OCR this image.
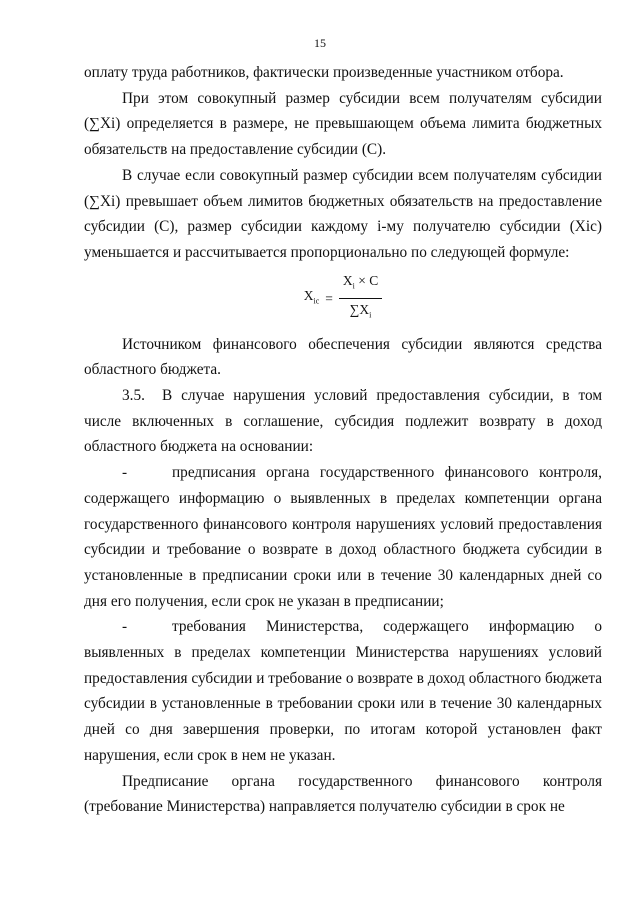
15

оплату труда работников, фактически произведенные участником отбора.

При этом совокупный размер субсидии всем получателям субсидии (∑Xi) определяется в размере, не превышающем объема лимита бюджетных обязательств на предоставление субсидии (С).

В случае если совокупный размер субсидии всем получателям субсидии (∑Xi) превышает объем лимитов бюджетных обязательств на предоставление субсидии (С), размер субсидии каждому i-му получателю субсидии (Xic) уменьшается и рассчитывается пропорционально по следующей формуле:

$X_{ic} = \frac{X_i \times С}{\sum X_i}$

Источником финансового обеспечения субсидии являются средства областного бюджета.

3.5. В случае нарушения условий предоставления субсидии, в том числе включенных в соглашение, субсидия подлежит возврату в доход областного бюджета на основании:

-	предписания органа государственного финансового контроля, содержащего информацию о выявленных в пределах компетенции органа государственного финансового контроля нарушениях условий предоставления субсидии и требование о возврате в доход областного бюджета субсидии в установленные в предписании сроки или в течение 30 календарных дней со дня его получения, если срок не указан в предписании;

-	требования Министерства, содержащего информацию о выявленных в пределах компетенции Министерства нарушениях условий предоставления субсидии и требование о возврате в доход областного бюджета субсидии в установленные в требовании сроки или в течение 30 календарных дней со дня завершения проверки, по итогам которой установлен факт нарушения, если срок в нем не указан.

Предписание органа государственного финансового контроля (требование Министерства) направляется получателю субсидии в срок не
